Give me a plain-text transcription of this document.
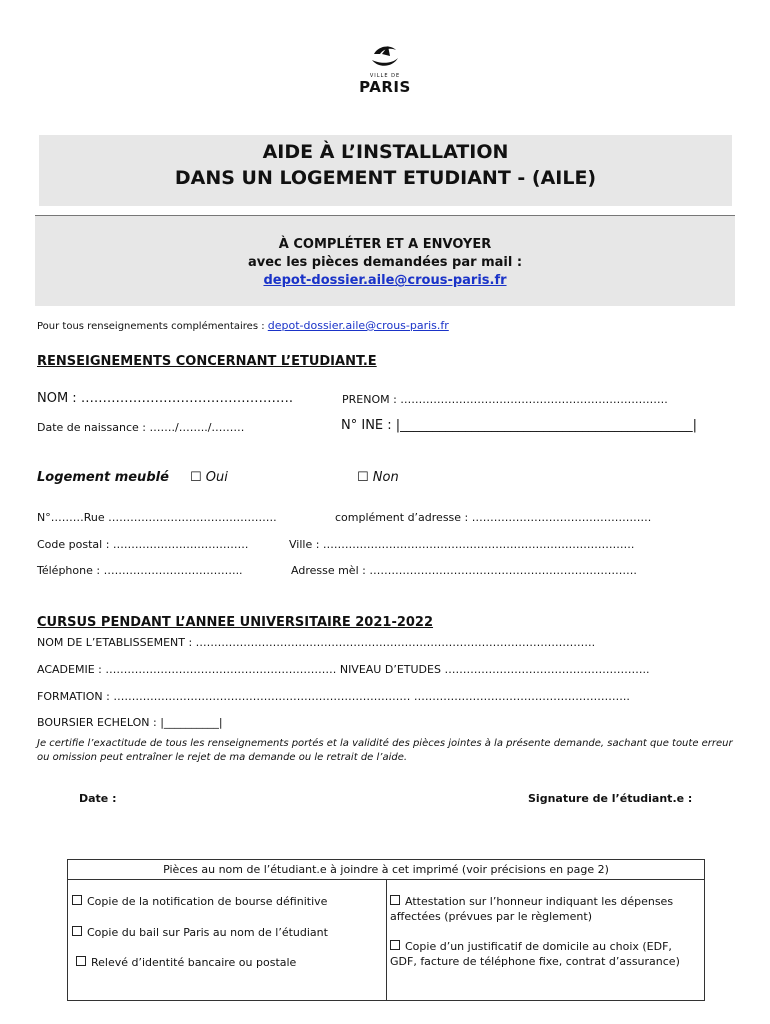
VILLE DE
PARIS
AIDE À L’INSTALLATION
DANS UN LOGEMENT ETUDIANT - (AILE)
À COMPLÉTER ET A ENVOYER
avec les pièces demandées par mail :
depot-dossier.aile@crous-paris.fr
Pour tous renseignements complémentaires : depot-dossier.aile@crous-paris.fr
RENSEIGNEMENTS CONCERNANT L’ETUDIANT.E
NOM : ………………………………………….	PRENOM : ……………………………………………………………….
Date de naissance : ……./……../………	N° INE : |_____________________________________________|
Logement meublé ☐ Oui	☐ Non
N°………Rue ……………………………………….	complément d’adresse : ………………………………………….
Code postal : ……………………………….	Ville : ………………………………………………………………………….
Téléphone : ………………………………..	Adresse mèl : ……………………………………………………………….
CURSUS PENDANT L’ANNEE UNIVERSITAIRE 2021-2022
NOM DE L’ETABLISSEMENT : ……………………………………………………………………………………………….
ACADEMIE : ……………………………………………………… NIVEAU D’ETUDES ………………………………………………..
FORMATION : ……………………………………………………………………… …………………………………………………..
BOURSIER ECHELON : |__________|
Je certifie l’exactitude de tous les renseignements portés et la validité des pièces jointes à la présente demande, sachant que toute erreur ou omission peut entraîner le rejet de ma demande ou le retrait de l’aide.
Date :	Signature de l’étudiant.e :
Pièces au nom de l’étudiant.e à joindre à cet imprimé (voir précisions en page 2)
Copie de la notification de bourse définitive
Copie du bail sur Paris au nom de l’étudiant
Relevé d’identité bancaire ou postale
Attestation sur l’honneur indiquant les dépenses affectées (prévues par le règlement)
Copie d’un justificatif de domicile au choix (EDF, GDF, facture de téléphone fixe, contrat d’assurance)
